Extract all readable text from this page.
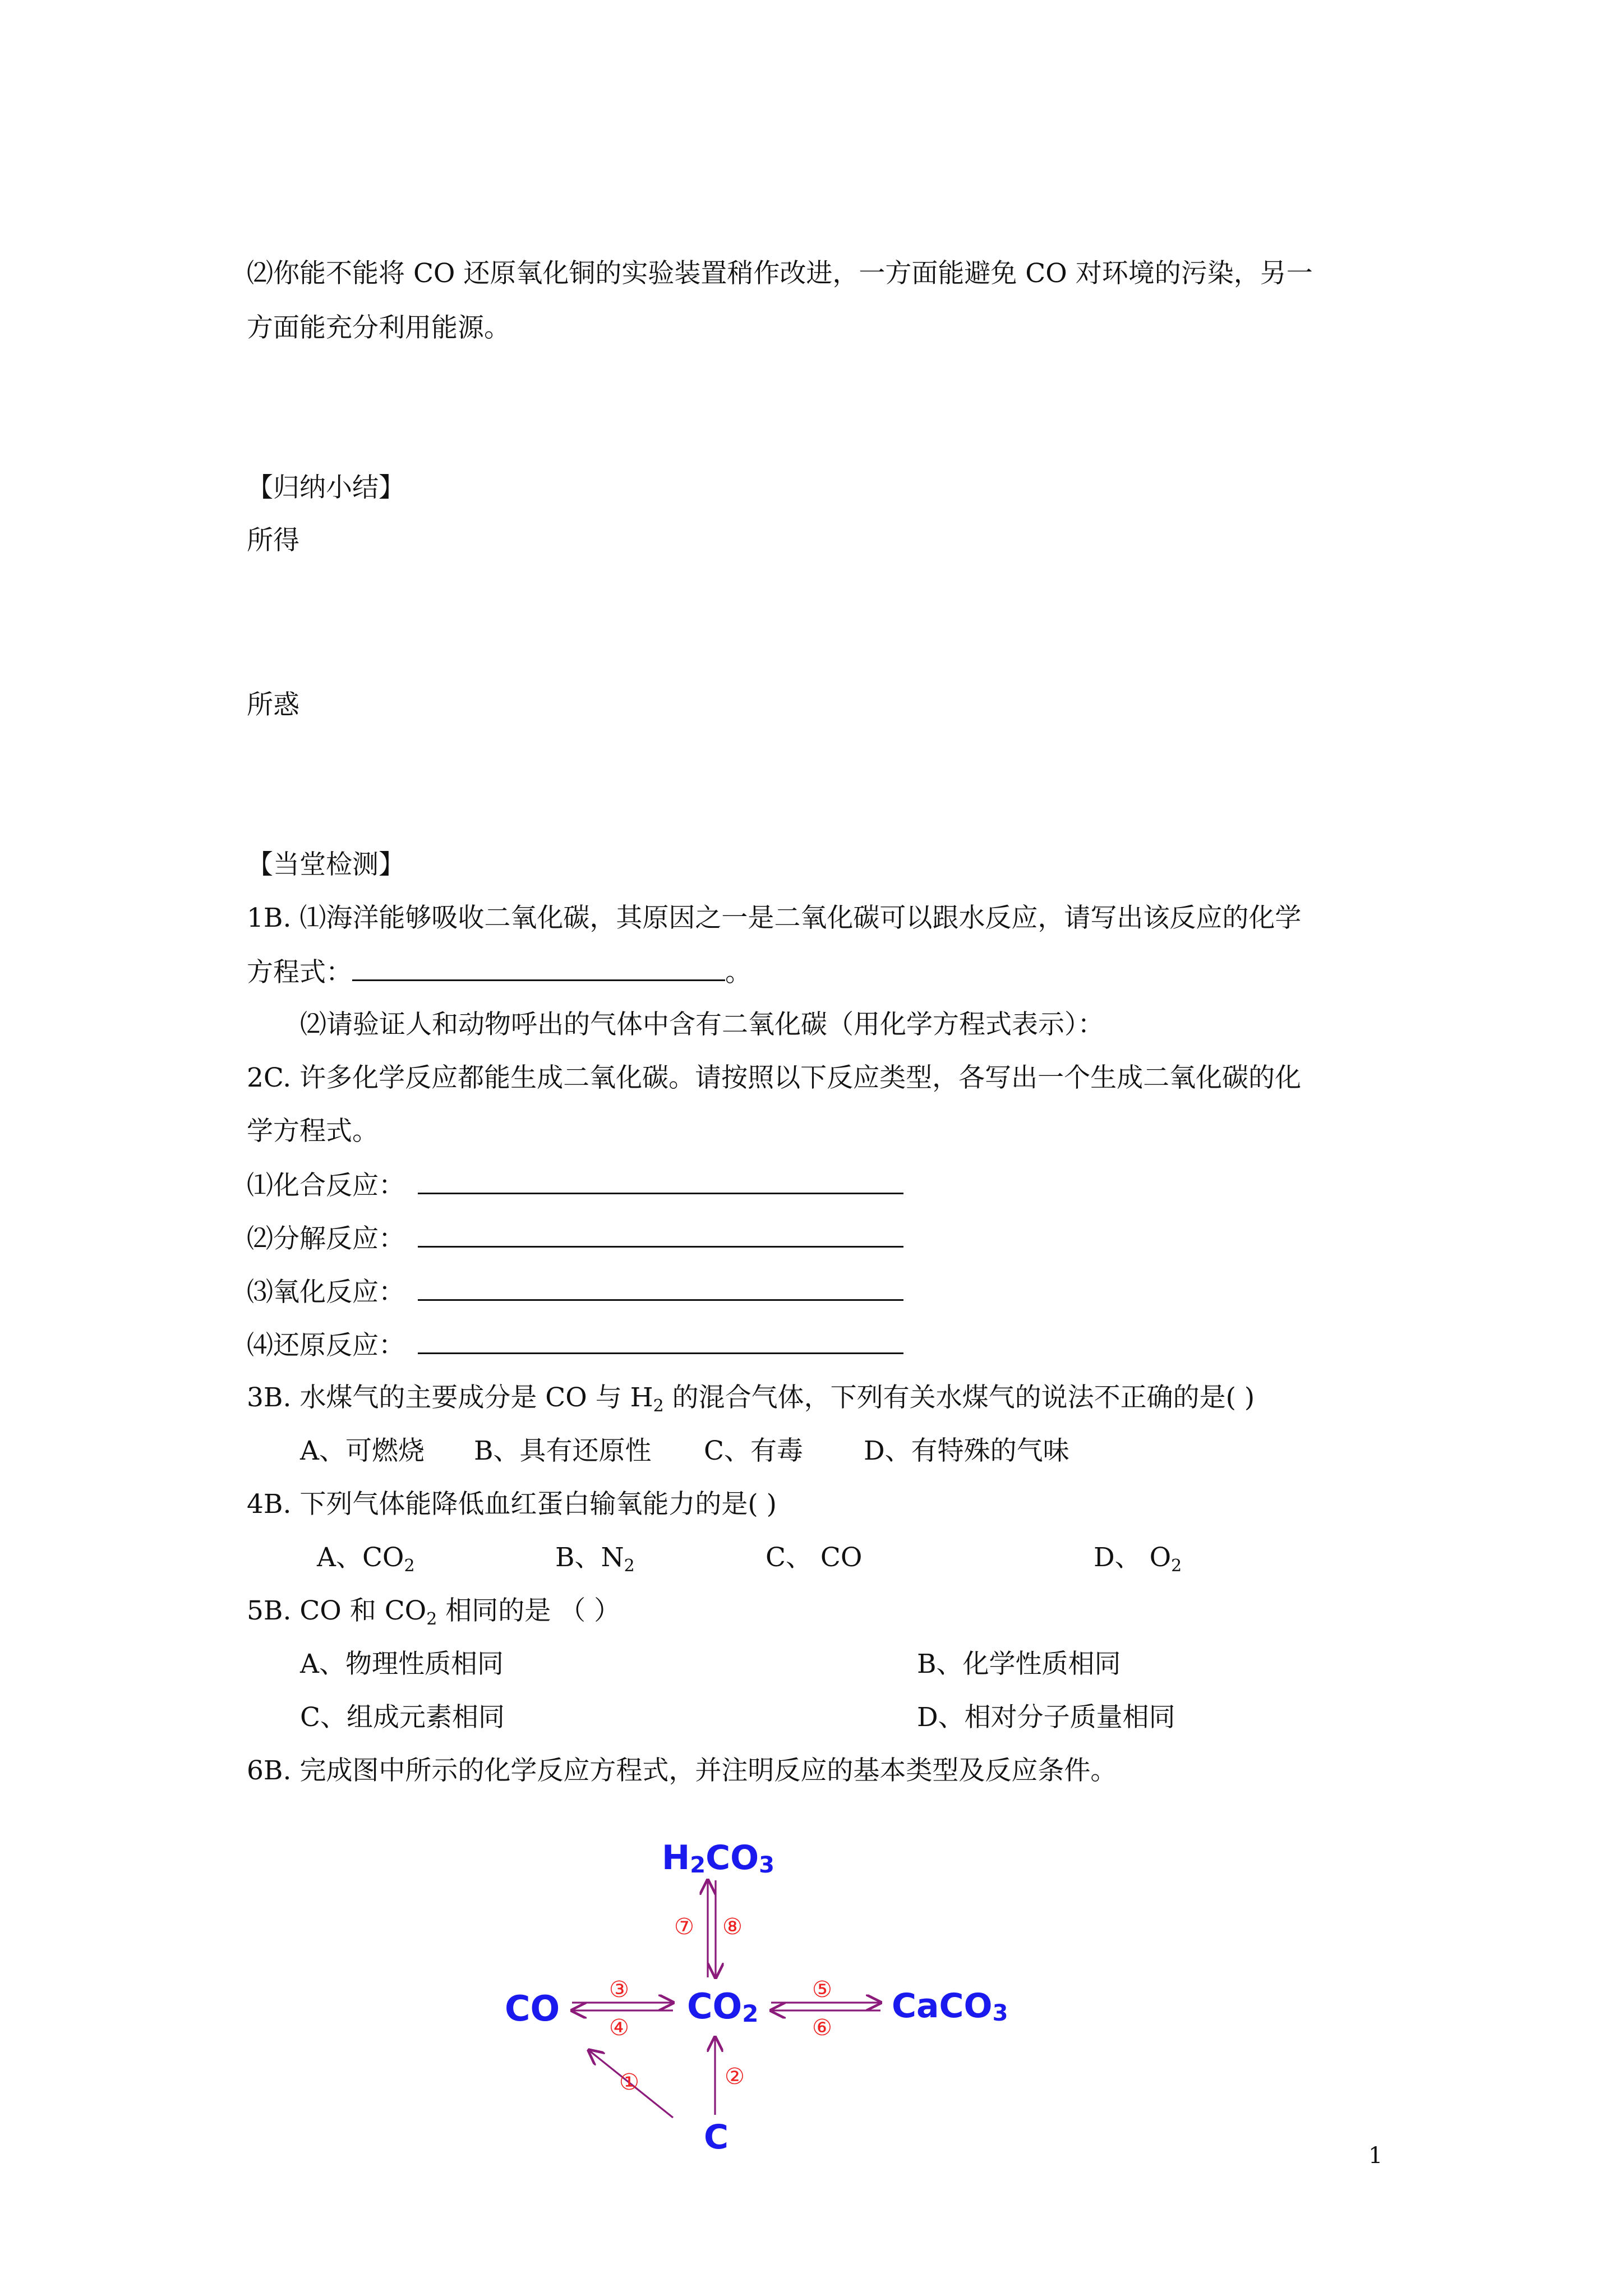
⑵你能不能将 CO 还原氧化铜的实验装置稍作改进，一方面能避免 CO 对环境的污染，另一
方面能充分利用能源。
【归纳小结】
所得
所惑
【当堂检测】
1B. ⑴海洋能够吸收二氧化碳，其原因之一是二氧化碳可以跟水反应，请写出该反应的化学
方程式：	。
⑵请验证人和动物呼出的气体中含有二氧化碳（用化学方程式表示）：
2C. 许多化学反应都能生成二氧化碳。请按照以下反应类型，各写出一个生成二氧化碳的化
学方程式。
⑴化合反应：
⑵分解反应：
⑶氧化反应：
⑷还原反应：
3B. 水煤气的主要成分是 CO 与 $H_2$ 的混合气体，下列有关水煤气的说法不正确的是( )
A、可燃烧 B、具有还原性 C、有毒 D、有特殊的气味
4B. 下列气体能降低血红蛋白输氧能力的是( )
A、$CO_2$	B、$N_2$	C、 CO	D、 $O_2$
5B. CO 和 $CO_2$ 相同的是 （ ）
A、物理性质相同	B、化学性质相同
C、组成元素相同	D、相对分子质量相同
6B. 完成图中所示的化学反应方程式，并注明反应的基本类型及反应条件。
H2CO3
CO	CO2	CaCO3
C
①	②
③
④
⑤
⑥
⑦ ⑧
1
